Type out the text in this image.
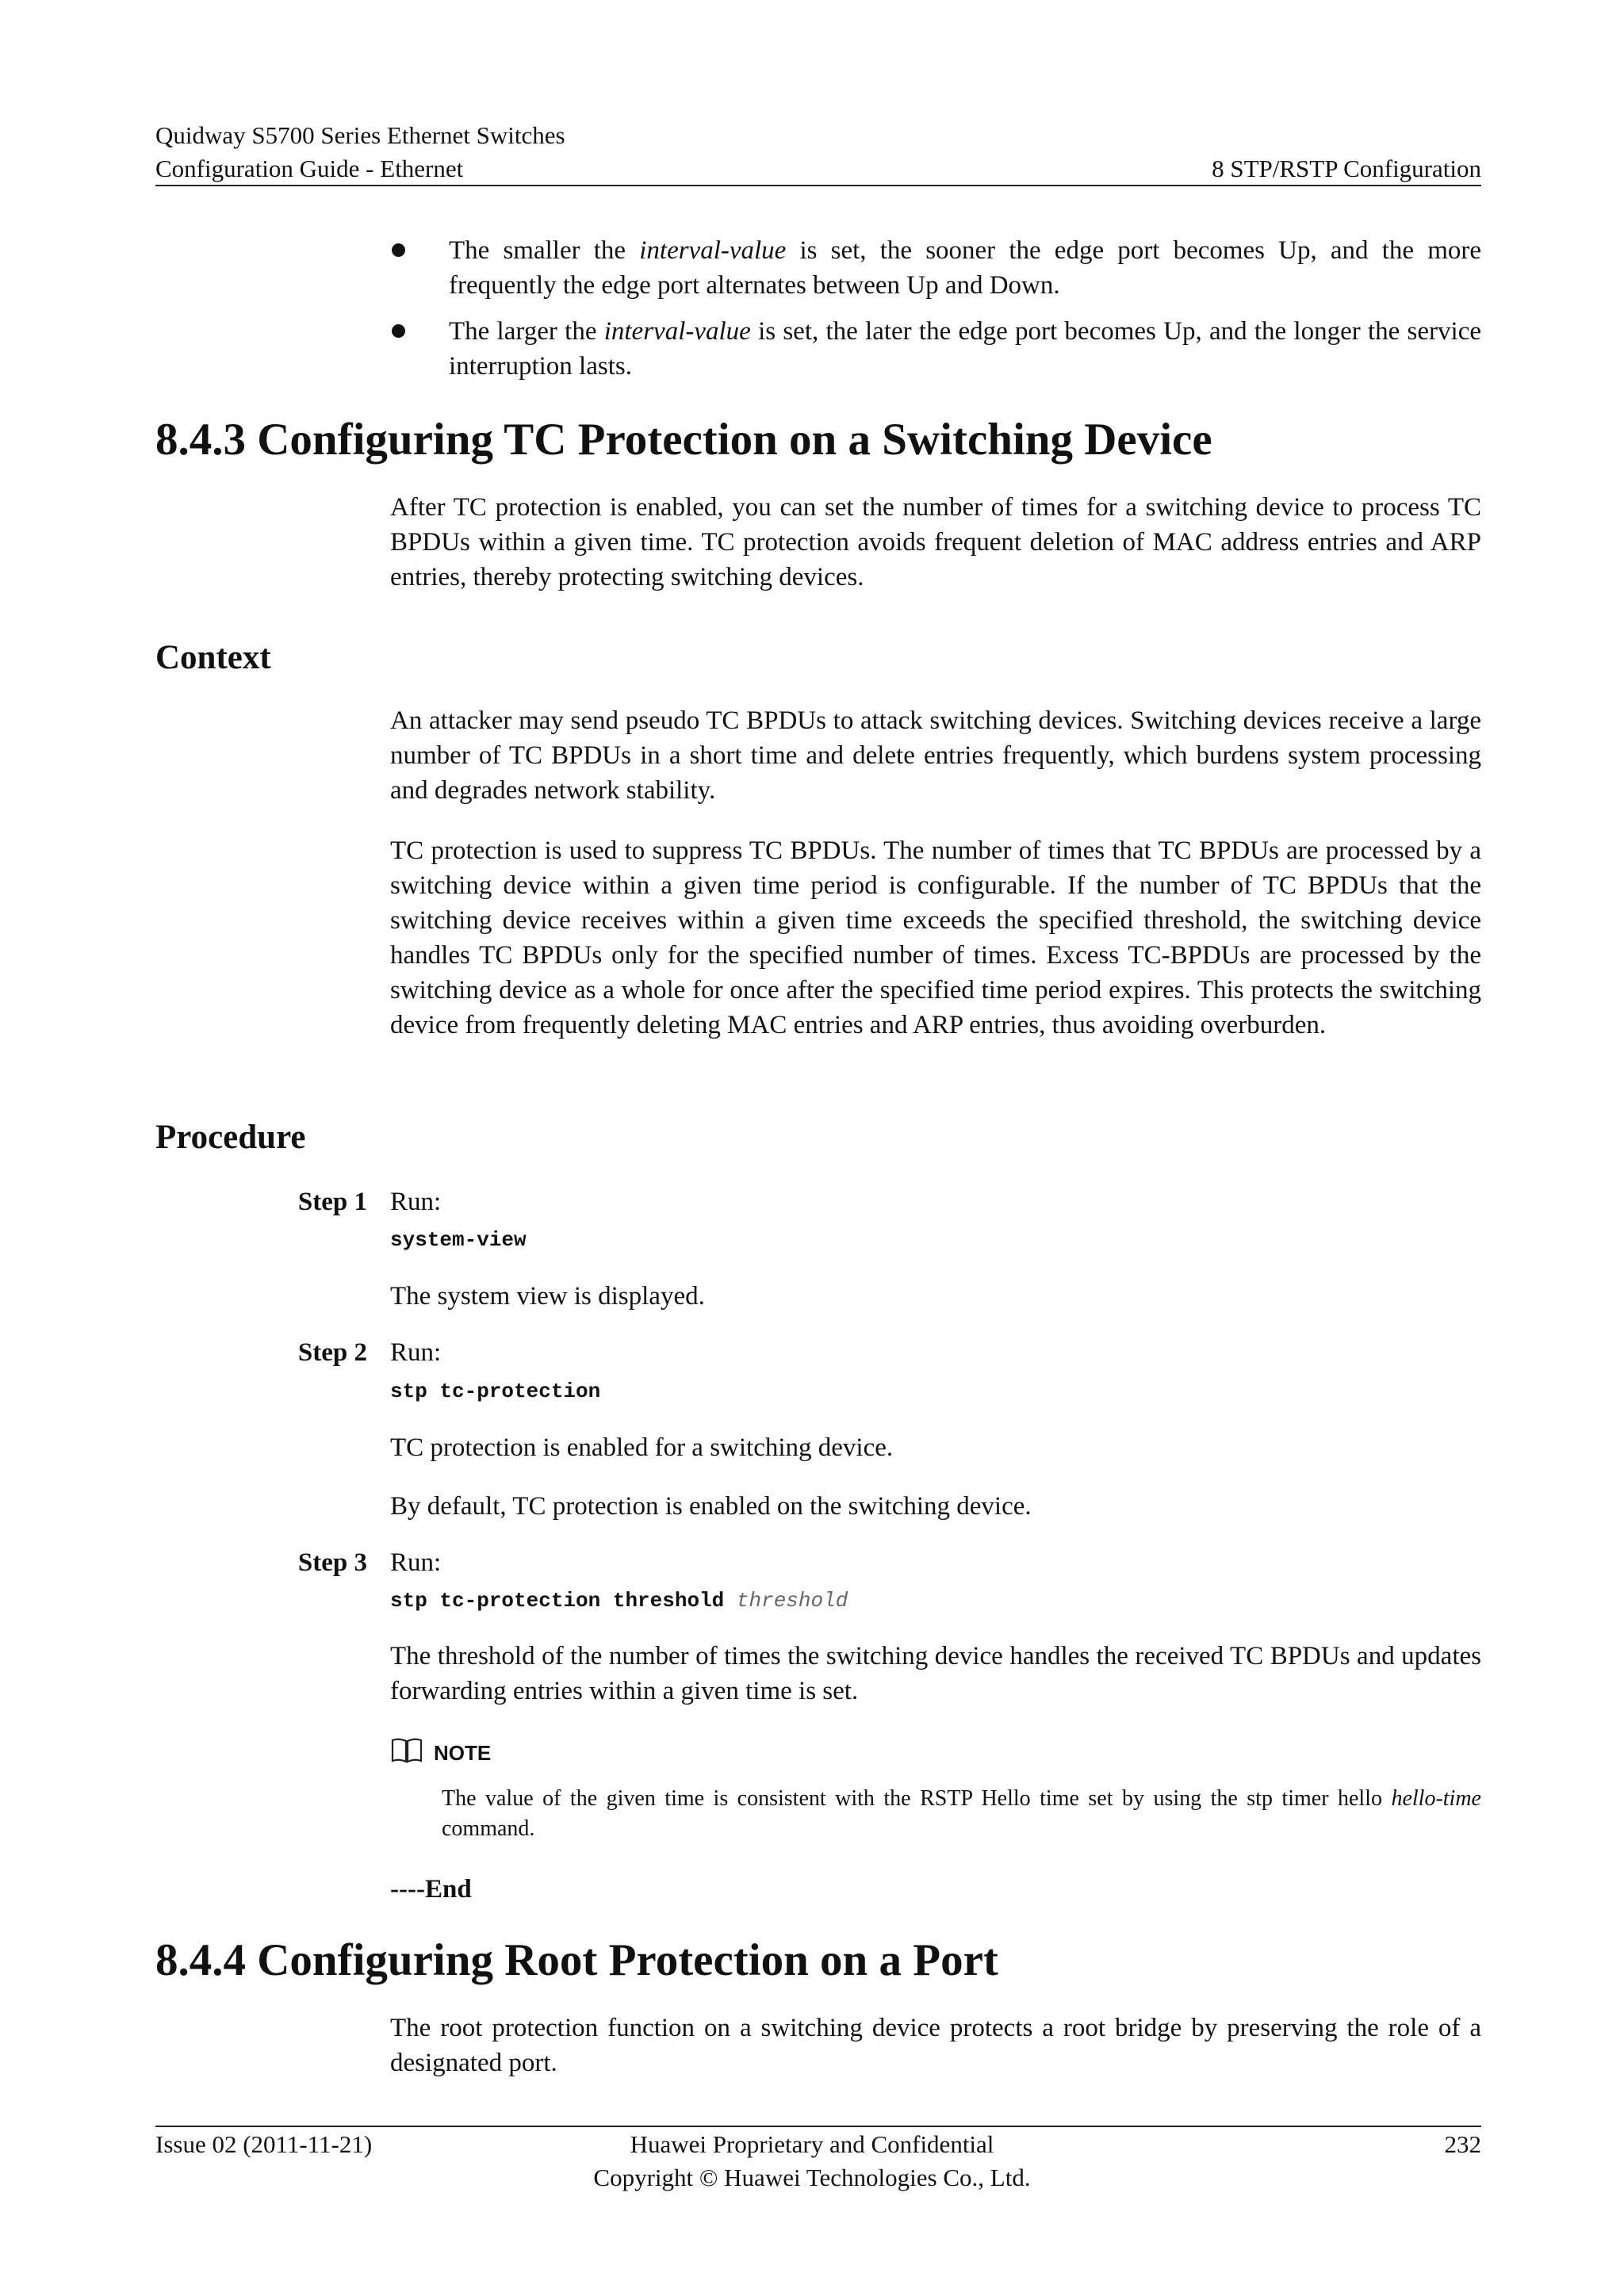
Quidway S5700 Series Ethernet Switches
Configuration Guide - Ethernet	8 STP/RSTP Configuration
The smaller the interval-value is set, the sooner the edge port becomes Up, and the more frequently the edge port alternates between Up and Down.
The larger the interval-value is set, the later the edge port becomes Up, and the longer the service interruption lasts.
8.4.3 Configuring TC Protection on a Switching Device
After TC protection is enabled, you can set the number of times for a switching device to process TC BPDUs within a given time. TC protection avoids frequent deletion of MAC address entries and ARP entries, thereby protecting switching devices.
Context
An attacker may send pseudo TC BPDUs to attack switching devices. Switching devices receive a large number of TC BPDUs in a short time and delete entries frequently, which burdens system processing and degrades network stability.
TC protection is used to suppress TC BPDUs. The number of times that TC BPDUs are processed by a switching device within a given time period is configurable. If the number of TC BPDUs that the switching device receives within a given time exceeds the specified threshold, the switching device handles TC BPDUs only for the specified number of times. Excess TC-BPDUs are processed by the switching device as a whole for once after the specified time period expires. This protects the switching device from frequently deleting MAC entries and ARP entries, thus avoiding overburden.
Procedure
Step 1 Run:
system-view
The system view is displayed.
Step 2 Run:
stp tc-protection
TC protection is enabled for a switching device.
By default, TC protection is enabled on the switching device.
Step 3 Run:
stp tc-protection threshold threshold
The threshold of the number of times the switching device handles the received TC BPDUs and updates forwarding entries within a given time is set.
NOTE
The value of the given time is consistent with the RSTP Hello time set by using the stp timer hello hello-time command.
----End
8.4.4 Configuring Root Protection on a Port
The root protection function on a switching device protects a root bridge by preserving the role of a designated port.
Issue 02 (2011-11-21)	Huawei Proprietary and Confidential
Copyright © Huawei Technologies Co., Ltd.
232
